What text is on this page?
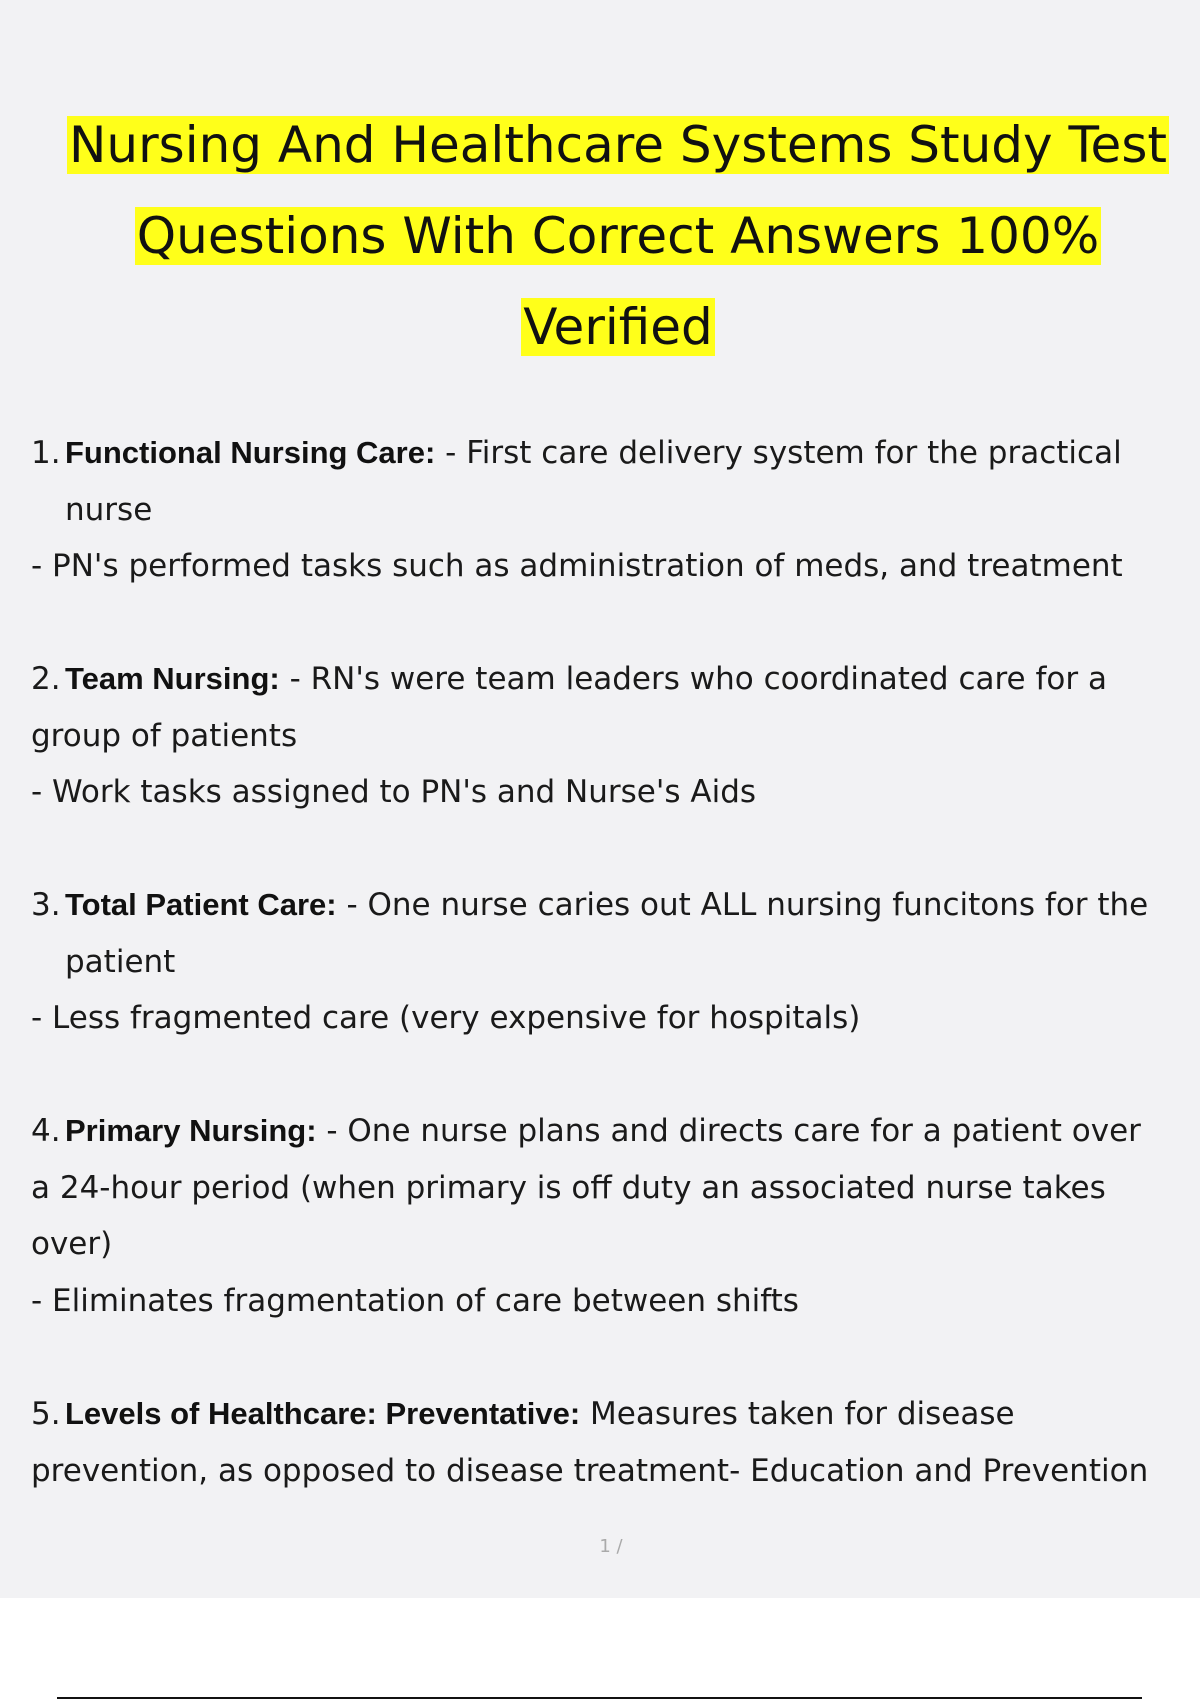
Nursing And Healthcare Systems Study Test
Questions With Correct Answers 100%
Verified

1. Functional Nursing Care: - First care delivery system for the practical

nurse

- PN's performed tasks such as administration of meds, and treatment

2. Team Nursing: - RN's were team leaders who coordinated care for a

group of patients

- Work tasks assigned to PN's and Nurse's Aids

3. Total Patient Care: - One nurse caries out ALL nursing funcitons for the

patient

- Less fragmented care (very expensive for hospitals)

4. Primary Nursing: - One nurse plans and directs care for a patient over

a 24-hour period (when primary is off duty an associated nurse takes

over)

- Eliminates fragmentation of care between shifts

5. Levels of Healthcare: Preventative: Measures taken for disease

prevention, as opposed to disease treatment- Education and Prevention

1 /
